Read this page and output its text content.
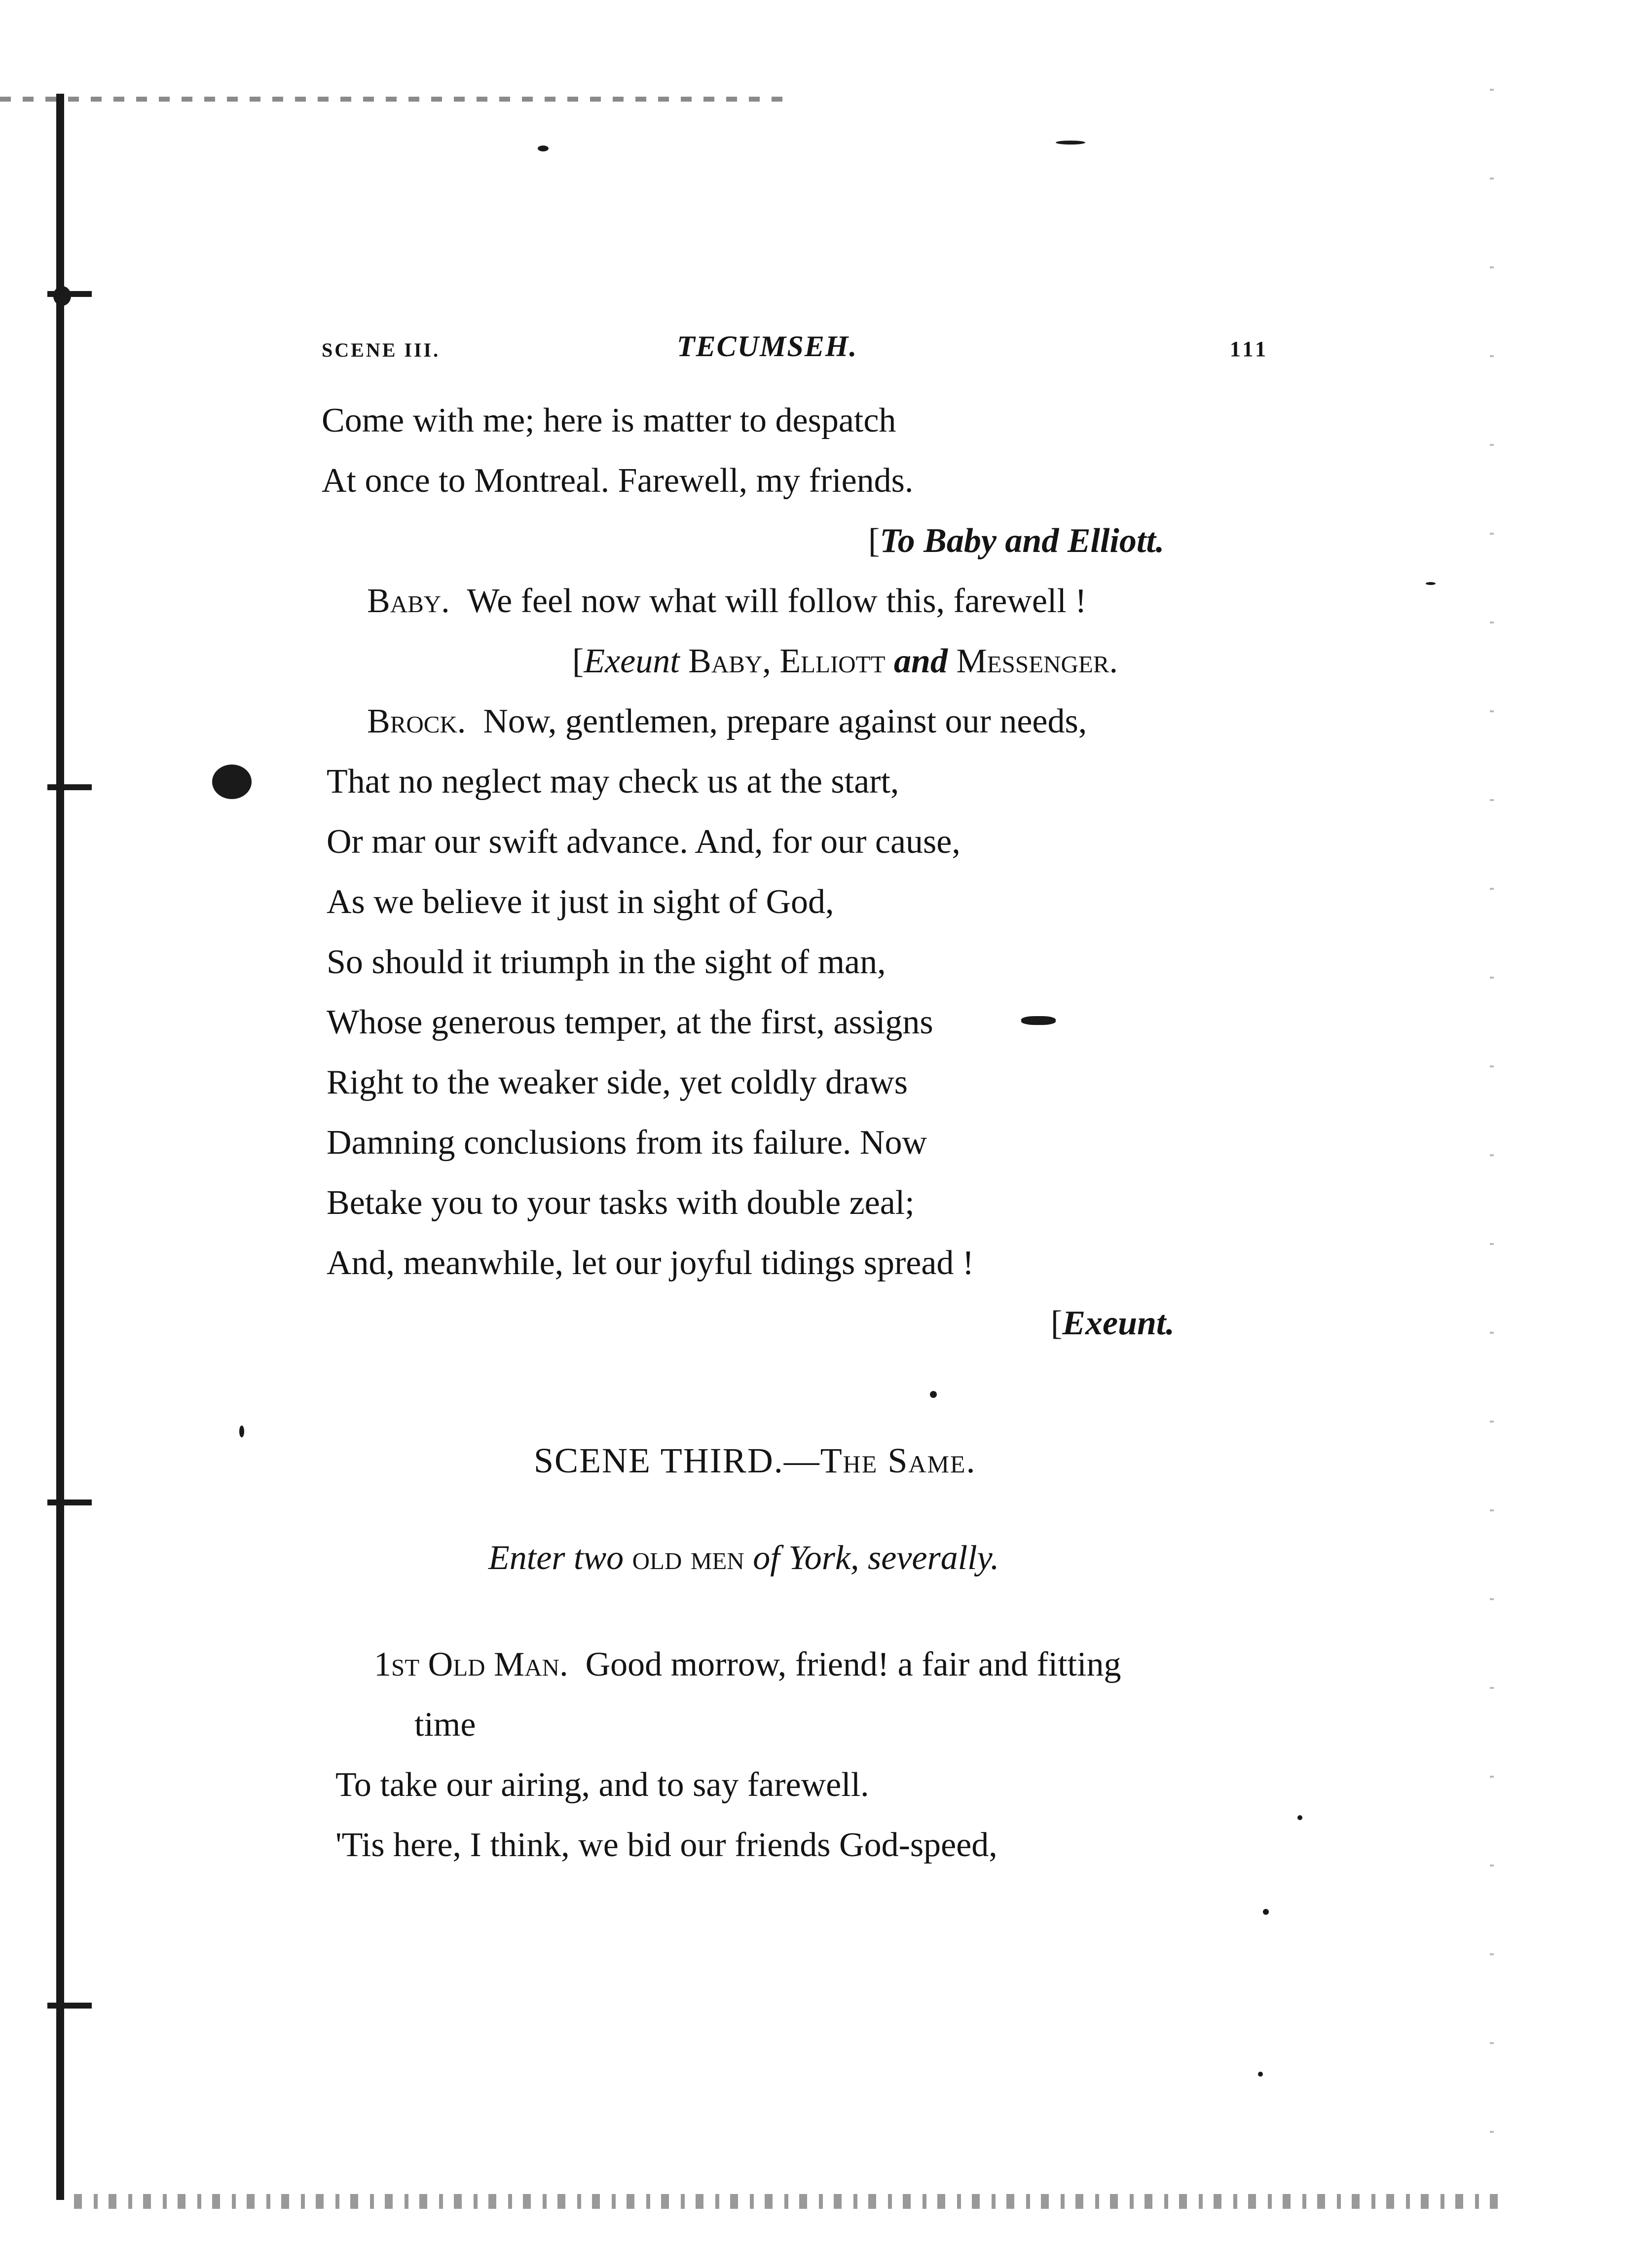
SCENE III.	TECUMSEH.	111
Come with me; here is matter to despatch
At once to Montreal. Farewell, my friends.
[To Baby and Elliott.
Baby. We feel now what will follow this, farewell !
[Exeunt Baby, Elliott and Messenger.
Brock. Now, gentlemen, prepare against our needs,
That no neglect may check us at the start,
Or mar our swift advance. And, for our cause,
As we believe it just in sight of God,
So should it triumph in the sight of man,
Whose generous temper, at the first, assigns
Right to the weaker side, yet coldly draws
Damning conclusions from its failure. Now
Betake you to your tasks with double zeal;
And, meanwhile, let our joyful tidings spread !
[Exeunt.
SCENE THIRD.—The Same.
Enter two old men of York, severally.
1st Old Man. Good morrow, friend! a fair and fitting
time
To take our airing, and to say farewell.
'Tis here, I think, we bid our friends God-speed,
